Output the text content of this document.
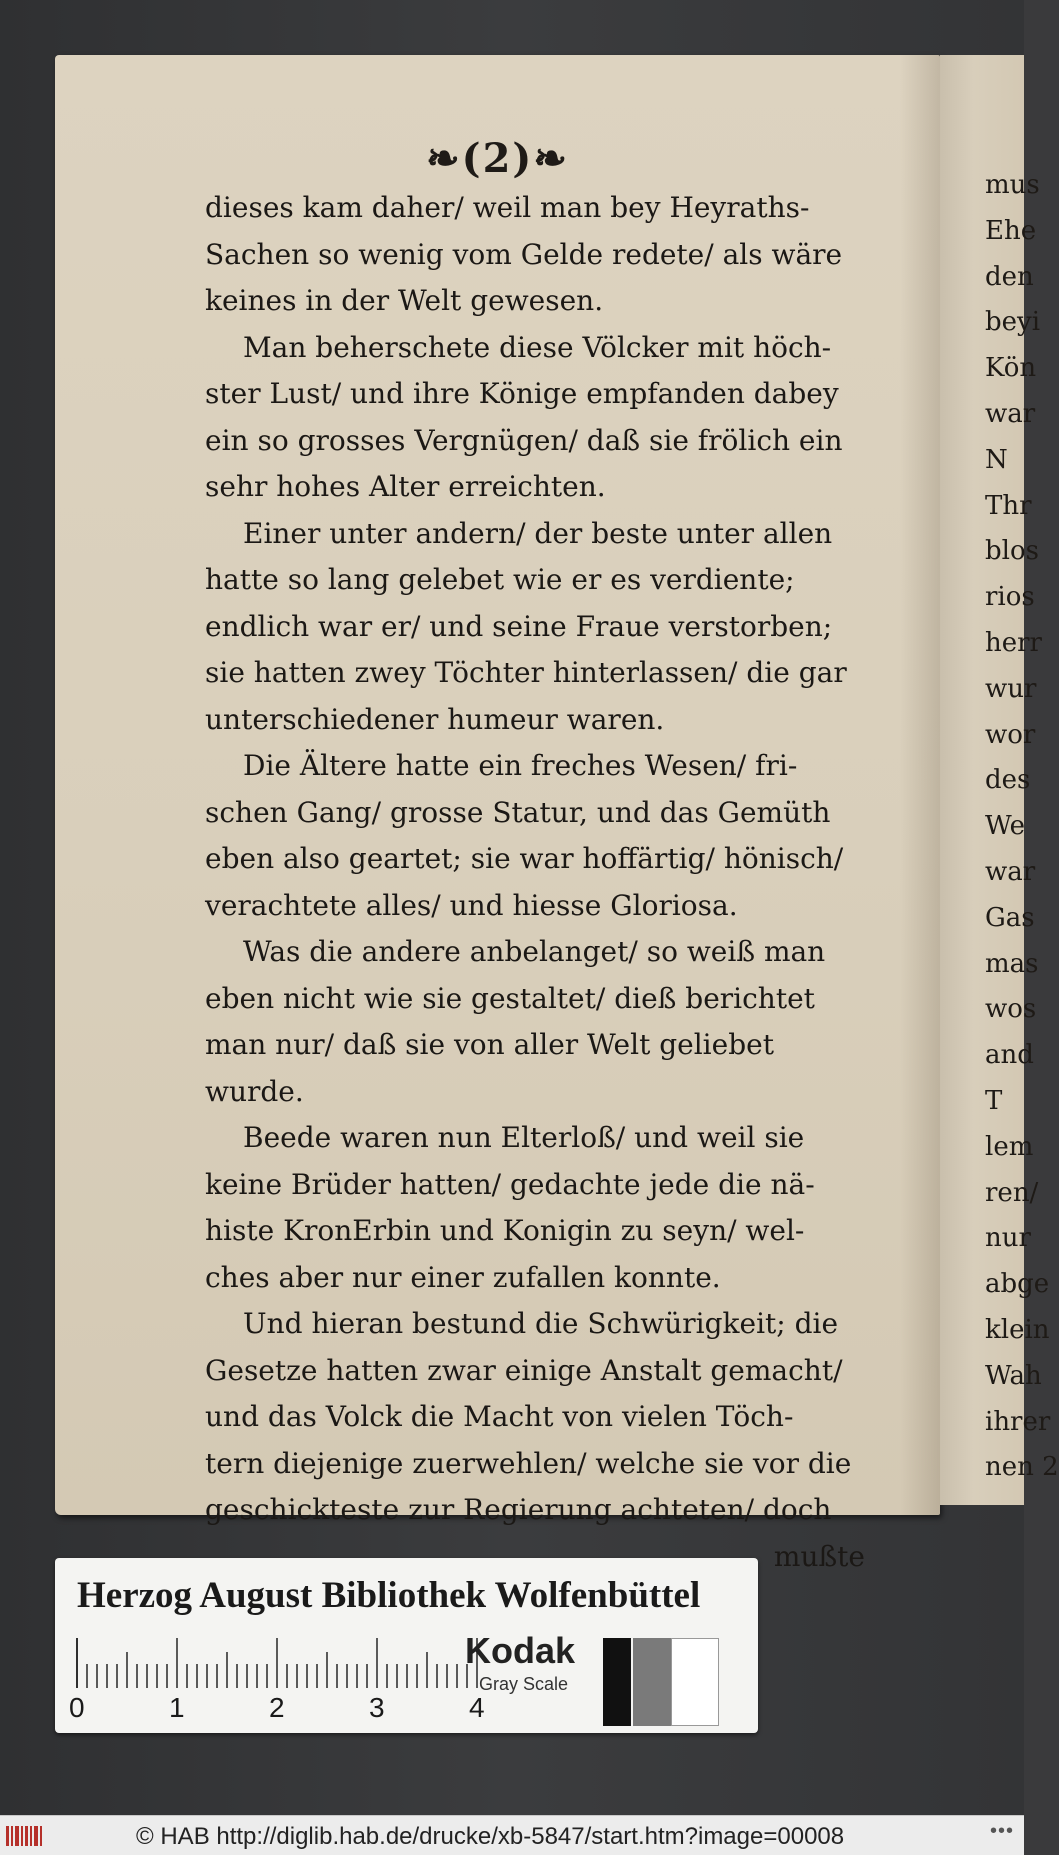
❧(2)❧
dieses kam daher/ weil man bey Heyraths-
Sachen so wenig vom Gelde redete/ als wäre
keines in der Welt gewesen.
Man beherschete diese Völcker mit höch-
ster Lust/ und ihre Könige empfanden dabey
ein so grosses Vergnügen/ daß sie frölich ein
sehr hohes Alter erreichten.
Einer unter andern/ der beste unter allen
hatte so lang gelebet wie er es verdiente;
endlich war er/ und seine Fraue verstorben;
sie hatten zwey Töchter hinterlassen/ die gar
unterschiedener humeur waren.
Die Ältere hatte ein freches Wesen/ fri-
schen Gang/ grosse Statur, und das Gemüth
eben also geartet; sie war hoffärtig/ hönisch/
verachtete alles/ und hiesse Gloriosa.
Was die andere anbelanget/ so weiß man
eben nicht wie sie gestaltet/ dieß berichtet
man nur/ daß sie von aller Welt geliebet
wurde.
Beede waren nun Elterloß/ und weil sie
keine Brüder hatten/ gedachte jede die nä-
histe KronErbin und Konigin zu seyn/ wel-
ches aber nur einer zufallen konnte.
Und hieran bestund die Schwürigkeit; die
Gesetze hatten zwar einige Anstalt gemacht/
und das Volck die Macht von vielen Töch-
tern diejenige zuerwehlen/ welche sie vor die
geschickteste zur Regierung achteten/ doch
mußte
mus
Ehe
den
beyi
Kön
war
N
Thr
blos
rios
herr
wur
wor
des
We
war
Gas
mas
wos
and
T
lem
ren/
nur
abge
klein
Wah
ihrer
nen 2
Herzog August Bibliothek Wolfenbüttel
0	1	2	3	4
Kodak
Gray Scale
© HAB http://diglib.hab.de/drucke/xb-5847/start.htm?image=00008	•••
